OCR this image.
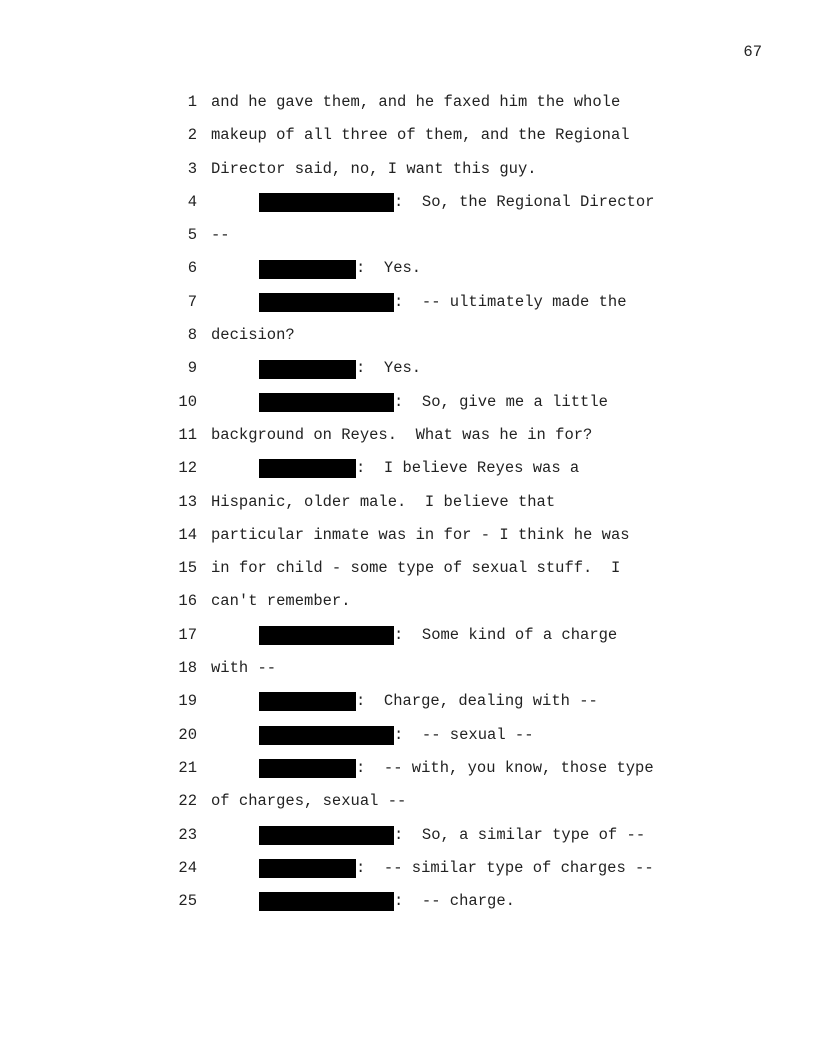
67
1 and he gave them, and he faxed him the whole
2 makeup of all three of them, and the Regional
3 Director said, no, I want this guy.
4	:  So, the Regional Director
5 --
6	:  Yes.
7	:  -- ultimately made the
8 decision?
9	:  Yes.
10	:  So, give me a little
11 background on Reyes.  What was he in for?
12	:  I believe Reyes was a
13 Hispanic, older male.  I believe that
14 particular inmate was in for - I think he was
15 in for child - some type of sexual stuff.  I
16 can't remember.
17	:  Some kind of a charge
18 with --
19	:  Charge, dealing with --
20	:  -- sexual --
21	:  -- with, you know, those type
22 of charges, sexual --
23	:  So, a similar type of --
24	:  -- similar type of charges --
25	:  -- charge.
